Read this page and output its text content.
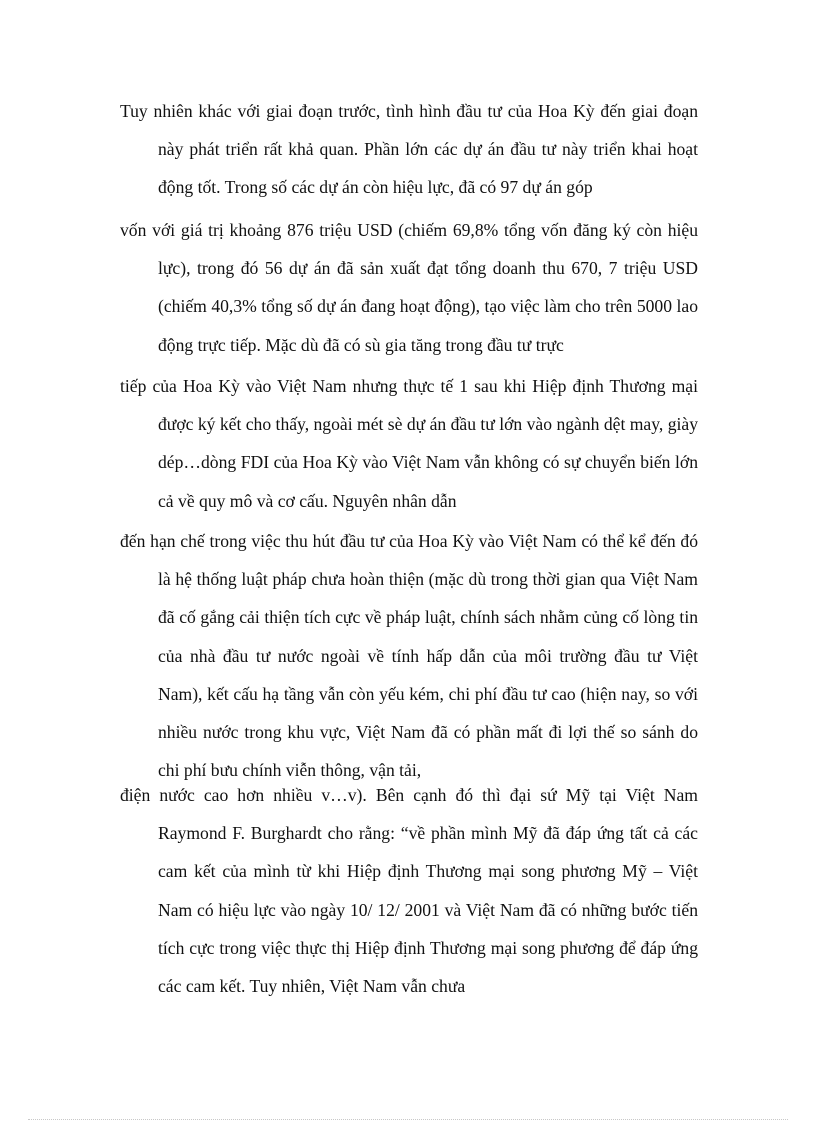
Tuy nhiên khác với giai đoạn trước, tình hình đầu tư của Hoa Kỳ đến giai đoạn này phát triển rất khả quan. Phần lớn các dự án đầu tư này triển khai hoạt động tốt. Trong số các dự án còn hiệu lực, đã có 97 dự án góp

vốn với giá trị khoảng 876 triệu USD (chiếm 69,8% tổng vốn đăng ký còn hiệu lực), trong đó 56 dự án đã sản xuất đạt tổng doanh thu 670, 7 triệu USD (chiếm 40,3% tổng số dự án đang hoạt động), tạo việc làm cho trên 5000 lao động trực tiếp. Mặc dù đã có sù gia tăng trong đầu tư trực

tiếp của Hoa Kỳ vào Việt Nam nhưng thực tế 1 sau khi Hiệp định Thương mại được ký kết cho thấy, ngoài mét sè dự án đầu tư lớn vào ngành dệt may, giày dép…dòng FDI của Hoa Kỳ vào Việt Nam vẫn không có sự chuyển biến lớn cả về quy mô và cơ cấu. Nguyên nhân dẫn

đến hạn chế trong việc thu hút đầu tư của Hoa Kỳ vào Việt Nam có thể kể đến đó là hệ thống luật pháp chưa hoàn thiện (mặc dù trong thời gian qua Việt Nam đã cố gắng cải thiện tích cực về pháp luật, chính sách nhằm củng cố lòng tin của nhà đầu tư nước ngoài về tính hấp dẫn của môi trường đầu tư Việt Nam), kết cấu hạ tầng vẫn còn yếu kém, chi phí đầu tư cao (hiện nay, so với nhiều nước trong khu vực, Việt Nam đã có phần mất đi lợi thế so sánh do chi phí bưu chính viễn thông, vận tải,

điện nước cao hơn nhiều v…v). Bên cạnh đó thì đại sứ Mỹ tại Việt Nam Raymond F. Burghardt cho rằng: “về phần mình Mỹ đã đáp ứng tất cả các cam kết của mình từ khi Hiệp định Thương mại song phương Mỹ – Việt Nam có hiệu lực vào ngày 10/ 12/ 2001 và Việt Nam đã có những bước tiến tích cực trong việc thực thị Hiệp định Thương mại song phương để đáp ứng các cam kết. Tuy nhiên, Việt Nam vẫn chưa
